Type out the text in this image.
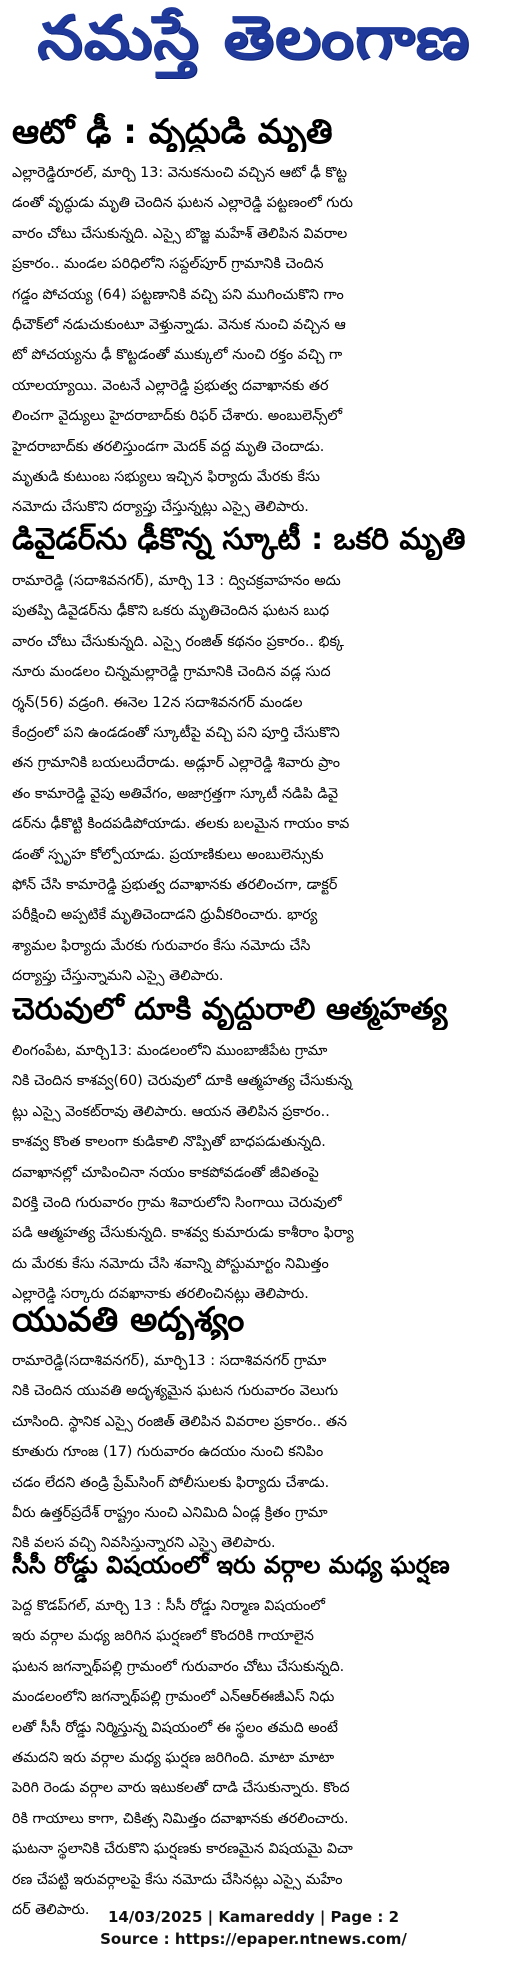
నమస్తే తెలంగాణ
ఆటో ఢీ : వృద్ధుడి మృతి
ఎల్లారెడ్డిరూరల్, మార్చి 13: వెనుకనుంచి వచ్చిన ఆటో ఢీ కొట్ట
డంతో వృద్ధుడు మృతి చెందిన ఘటన ఎల్లారెడ్డి పట్టణంలో గురు
వారం చోటు చేసుకున్నది. ఎస్సై బొజ్జ మహేశ్ తెలిపిన వివరాల
ప్రకారం.. మండల పరిధిలోని సప్దల్‌పూర్ గ్రామానికి చెందిన
గడ్డం పోచయ్య (64) పట్టణానికి వచ్చి పని ముగించుకొని గాం
ధీచౌక్‌లో నడుచుకుంటూ వెళ్తున్నాడు. వెనుక నుంచి వచ్చిన ఆ
టో పోచయ్యను ఢీ కొట్టడంతో ముక్కులో నుంచి రక్తం వచ్చి గా
యాలయ్యాయి. వెంటనే ఎల్లారెడ్డి ప్రభుత్వ దవాఖానకు తర
లించగా వైద్యులు హైదరాబాద్‌కు రిఫర్ చేశారు. అంబులెన్స్‌లో
హైదరాబాద్‌కు తరలిస్తుండగా మెదక్ వద్ద మృతి చెందాడు.
మృతుడి కుటుంబ సభ్యులు ఇచ్చిన ఫిర్యాదు మేరకు కేసు
నమోదు చేసుకొని దర్యాప్తు చేస్తున్నట్లు ఎస్సై తెలిపారు.
డివైడర్‌ను ఢీకొన్న స్కూటీ : ఒకరి మృతి
రామారెడ్డి (సదాశివనగర్), మార్చి 13 : ద్విచక్రవాహనం అదు
పుతప్పి డివైడర్‌ను ఢీకొని ఒకరు మృతిచెందిన ఘటన బుధ
వారం చోటు చేసుకున్నది. ఎస్సై రంజిత్ కథనం ప్రకారం.. భిక్క
నూరు మండలం చిన్నమల్లారెడ్డి గ్రామానికి చెందిన వడ్ల సుద
ర్శన్(56) వడ్రంగి. ఈనెల 12న సదాశివనగర్ మండల
కేంద్రంలో పని ఉండడంతో స్కూటీపై వచ్చి పని పూర్తి చేసుకొని
తన గ్రామానికి బయలుదేరాడు. అడ్లూర్ ఎల్లారెడ్డి శివారు ప్రాం
తం కామారెడ్డి వైపు అతివేగం, అజాగ్రత్తగా స్కూటీ నడిపి డివై
డర్‌ను ఢీకొట్టి కిందపడిపోయాడు. తలకు బలమైన గాయం కావ
డంతో స్పృహ కోల్పోయాడు. ప్రయాణికులు అంబులెన్సుకు
ఫోన్ చేసి కామారెడ్డి ప్రభుత్వ దవాఖానకు తరలించగా, డాక్టర్
పరీక్షించి అప్పటికే మృతిచెందాడని ధ్రువీకరించారు. భార్య
శ్యామల ఫిర్యాదు మేరకు గురువారం కేసు నమోదు చేసి
దర్యాప్తు చేస్తున్నామని ఎస్సై తెలిపారు.
చెరువులో దూకి వృద్ధురాలి ఆత్మహత్య
లింగంపేట, మార్చి13: మండలంలోని ముంబాజీపేట గ్రామా
నికి చెందిన కాశవ్వ(60) చెరువులో దూకి ఆత్మహత్య చేసుకున్న
ట్లు ఎస్సై వెంకట్‌రావు తెలిపారు. ఆయన తెలిపిన ప్రకారం..
కాశవ్వ కొంత కాలంగా కుడికాలి నొప్పితో బాధపడుతున్నది.
దవాఖానల్లో చూపించినా నయం కాకపోవడంతో జీవితంపై
విరక్తి చెంది గురువారం గ్రామ శివారులోని సింగాయి చెరువులో
పడి ఆత్మహత్య చేసుకున్నది. కాశవ్వ కుమారుడు కాశీరాం ఫిర్యా
దు మేరకు కేసు నమోదు చేసి శవాన్ని పోస్టుమార్టం నిమిత్తం
ఎల్లారెడ్డి సర్కారు దవఖానాకు తరలించినట్లు తెలిపారు.
యువతి అదృశ్యం
రామారెడ్డి(సదాశివనగర్), మార్చి13 : సదాశివనగర్ గ్రామా
నికి చెందిన యువతి అదృశ్యమైన ఘటన గురువారం వెలుగు
చూసింది. స్థానిక ఎస్సై రంజిత్ తెలిపిన వివరాల ప్రకారం.. తన
కూతురు గూంజ (17) గురువారం ఉదయం నుంచి కనిపిం
చడం లేదని తండ్రి ప్రేమ్‌సింగ్ పోలీసులకు ఫిర్యాదు చేశాడు.
వీరు ఉత్తర్‌ప్రదేశ్ రాష్ట్రం నుంచి ఎనిమిది ఏండ్ల క్రితం గ్రామా
నికి వలస వచ్చి నివసిస్తున్నారని ఎస్సై తెలిపారు.
సీసీ రోడ్డు విషయంలో ఇరు వర్గాల మధ్య ఘర్షణ
పెద్ద కొడప్‌గల్, మార్చి 13 : సీసీ రోడ్డు నిర్మాణ విషయంలో
ఇరు వర్గాల మధ్య జరిగిన ఘర్షణలో కొందరికి గాయాలైన
ఘటన జగన్నాథ్‌పల్లి గ్రామంలో గురువారం చోటు చేసుకున్నది.
మండలంలోని జగన్నాథ్‌పల్లి గ్రామంలో ఎన్ఆర్ఈజీఎస్ నిధు
లతో సీసీ రోడ్డు నిర్మిస్తున్న విషయంలో ఈ స్థలం తమది అంటే
తమదని ఇరు వర్గాల మధ్య ఘర్షణ జరిగింది. మాటా మాటా
పెరిగి రెండు వర్గాల వారు ఇటుకలతో దాడి చేసుకున్నారు. కొంద
రికి గాయాలు కాగా, చికిత్స నిమిత్తం దవాఖానకు తరలించారు.
ఘటనా స్థలానికి చేరుకొని ఘర్షణకు కారణమైన విషయమై విచా
రణ చేపట్టి ఇరువర్గాలపై కేసు నమోదు చేసినట్లు ఎస్సై మహేం
దర్ తెలిపారు.	14/03/2025 | Kamareddy | Page : 2
Source : https://epaper.ntnews.com/
